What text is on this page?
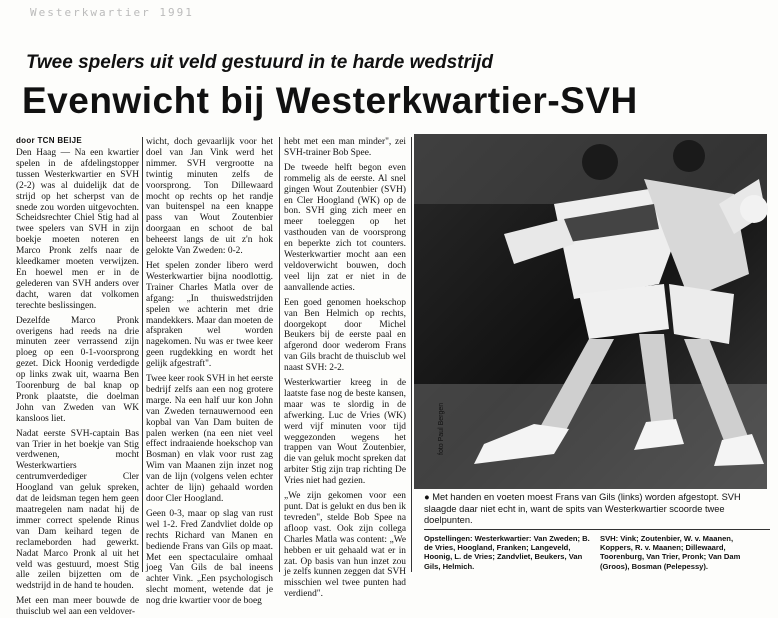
Westerkwartier 1991
Twee spelers uit veld gestuurd in te harde wedstrijd
Evenwicht bij Westerkwartier-SVH
door TCN BEIJE

Den Haag — Na een kwartier spelen in de afdelingstopper tussen Westerkwartier en SVH (2-2) was al duidelijk dat de strijd op het scherpst van de snede zou worden uitgevochten. Scheidsrechter Chiel Stig had al twee spelers van SVH in zijn boekje moeten noteren en Marco Pronk zelfs naar de kleedkamer moeten verwijzen. En hoewel men er in de gelederen van SVH anders over dacht, waren dat volkomen terechte beslissingen.

Dezelfde Marco Pronk overigens had reeds na drie minuten zeer verrassend zijn ploeg op een 0-1-voorsprong gezet. Dick Hoonig verdedigde op links zwak uit, waarna Ben Toorenburg de bal knap op Pronk plaatste, die doelman John van Zweden van WK kansloos liet.

Nadat eerste SVH-captain Bas van Trier in het boekje van Stig verdwenen, mocht Westerkwartiers centrumverdediger Cler Hoogland van geluk spreken, dat de leidsman tegen hem geen maatregelen nam nadat hij de immer correct spelende Rinus van Dam keihard tegen de reclameborden had gewerkt. Nadat Marco Pronk al uit het veld was gestuurd, moest Stig alle zeilen bijzetten om de wedstrijd in de hand te houden.

Met een man meer bouwde de thuisclub wel aan een veldover-

wicht, doch gevaarlijk voor het doel van Jan Vink werd het nimmer. SVH vergrootte na twintig minuten zelfs de voorsprong. Ton Dillewaard mocht op rechts op het randje van buitenspel na een knappe pass van Wout Zoutenbier doorgaan en schoot de bal beheerst langs de uit z'n hok gelokte Van Zweden: 0-2.

Het spelen zonder libero werd Westerkwartier bijna noodlottig. Trainer Charles Matla over de afgang: „In thuiswedstrijden spelen we achterin met drie mandekkers. Maar dan moeten de afspraken wel worden nagekomen. Nu was er twee keer geen rugdekking en wordt het gelijk afgestraft".

Twee keer rook SVH in het eerste bedrijf zelfs aan een nog grotere marge. Na een half uur kon John van Zweden ternauwernood een kopbal van Van Dam buiten de palen werken (na een niet veel effect indraaiende hoekschop van Bosman) en vlak voor rust zag Wim van Maanen zijn inzet nog van de lijn (volgens velen echter achter de lijn) gehaald worden door Cler Hoogland.

Geen 0-3, maar op slag van rust wel 1-2. Fred Zandvliet dolde op rechts Richard van Manen en bediende Frans van Gils op maat. Met een spectaculaire omhaal joeg Van Gils de bal ineens achter Vink. „Een psychologisch slecht moment, wetende dat je nog drie kwartier voor de boeg

hebt met een man minder", zei SVH-trainer Bob Spee.

De tweede helft begon even rommelig als de eerste. Al snel gingen Wout Zoutenbier (SVH) en Cler Hoogland (WK) op de bon. SVH ging zich meer en meer toeleggen op het vasthouden van de voorsprong en beperkte zich tot counters. Westerkwartier mocht aan een veldoverwicht bouwen, doch veel lijn zat er niet in de aanvallende acties.

Een goed genomen hoekschop van Ben Helmich op rechts, doorgekopt door Michel Beukers bij de eerste paal en afgerond door wederom Frans van Gils bracht de thuisclub wel naast SVH: 2-2.

Westerkwartier kreeg in de laatste fase nog de beste kansen, maar was te slordig in de afwerking. Luc de Vries (WK) werd vijf minuten voor tijd weggezonden wegens het trappen van Wout Zoutenbier, die van geluk mocht spreken dat arbiter Stig zijn trap richting De Vries niet had gezien.

„We zijn gekomen voor een punt. Dat is gelukt en dus ben ik tevreden", stelde Bob Spee na afloop vast. Ook zijn collega Charles Matla was content: „We hebben er uit gehaald wat er in zat. Op basis van hun inzet zou je zelfs kunnen zeggen dat SVH misschien wel twee punten had verdiend".

foto Paul Bergen
● Met handen en voeten moest Frans van Gils (links) worden afgestopt. SVH slaagde daar niet echt in, want de spits van Westerkwartier scoorde twee doelpunten.
Opstellingen: Westerkwartier: Van Zweden; B. de Vries, Hoogland, Franken; Langeveld, Hoonig, L. de Vries; Zandvliet, Beukers, Van Gils, Helmich.
SVH: Vink; Zoutenbier, W. v. Maanen, Koppers, R. v. Maanen; Dillewaard, Toorenburg, Van Trier, Pronk; Van Dam (Groos), Bosman (Pelepessy).
